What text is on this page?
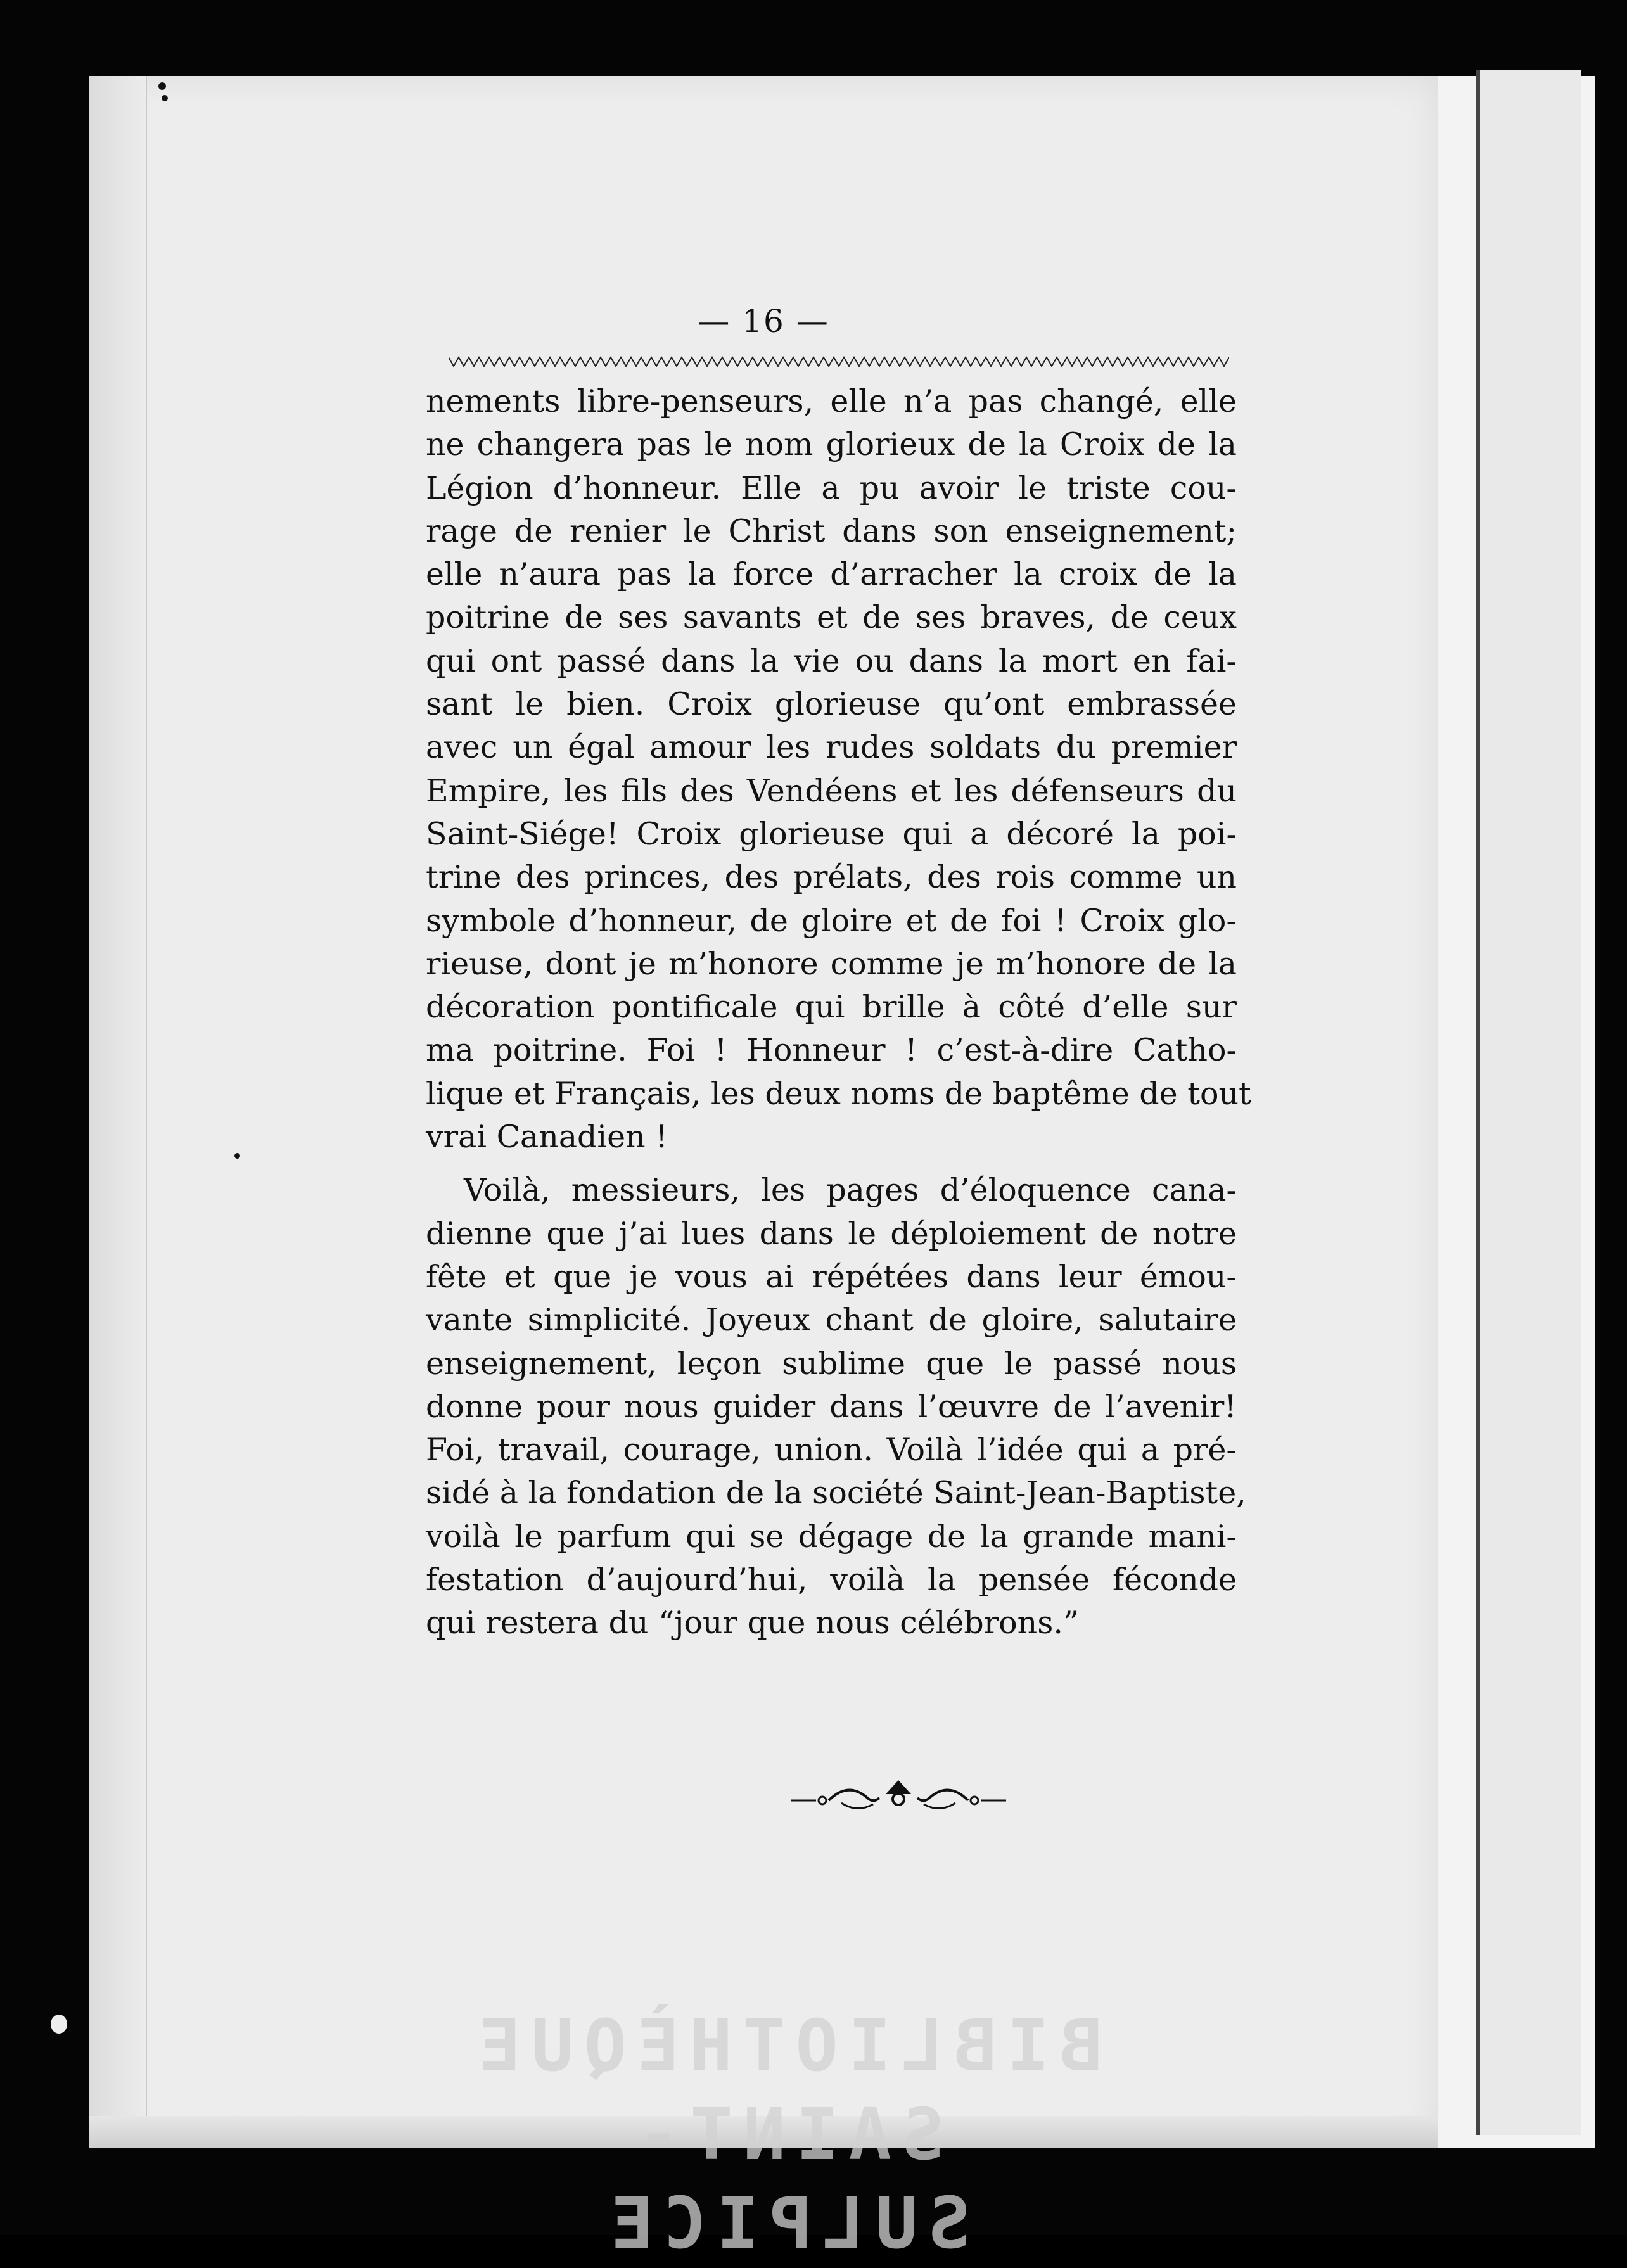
— 16 —
nements libre-penseurs, elle n’a pas changé, elle
ne changera pas le nom glorieux de la Croix de la
Légion d’honneur. Elle a pu avoir le triste cou-
rage de renier le Christ dans son enseignement;
elle n’aura pas la force d’arracher la croix de la
poitrine de ses savants et de ses braves, de ceux
qui ont passé dans la vie ou dans la mort en fai-
sant le bien. Croix glorieuse qu’ont embrassée
avec un égal amour les rudes soldats du premier
Empire, les fils des Vendéens et les défenseurs du
Saint-Siége! Croix glorieuse qui a décoré la poi-
trine des princes, des prélats, des rois comme un
symbole d’honneur, de gloire et de foi ! Croix glo-
rieuse, dont je m’honore comme je m’honore de la
décoration pontificale qui brille à côté d’elle sur
ma poitrine. Foi ! Honneur ! c’est-à-dire Catho-
lique et Français, les deux noms de baptême de tout
vrai Canadien !
Voilà, messieurs, les pages d’éloquence cana-
dienne que j’ai lues dans le déploiement de notre
fête et que je vous ai répétées dans leur émou-
vante simplicité. Joyeux chant de gloire, salutaire
enseignement, leçon sublime que le passé nous
donne pour nous guider dans l’œuvre de l’avenir!
Foi, travail, courage, union. Voilà l’idée qui a pré-
sidé à la fondation de la société Saint-Jean-Baptiste,
voilà le parfum qui se dégage de la grande mani-
festation d’aujourd’hui, voilà la pensée féconde
qui restera du “jour que nous célébrons.”
BIBLIOTHÈQUE
SAINT-SULPICE
